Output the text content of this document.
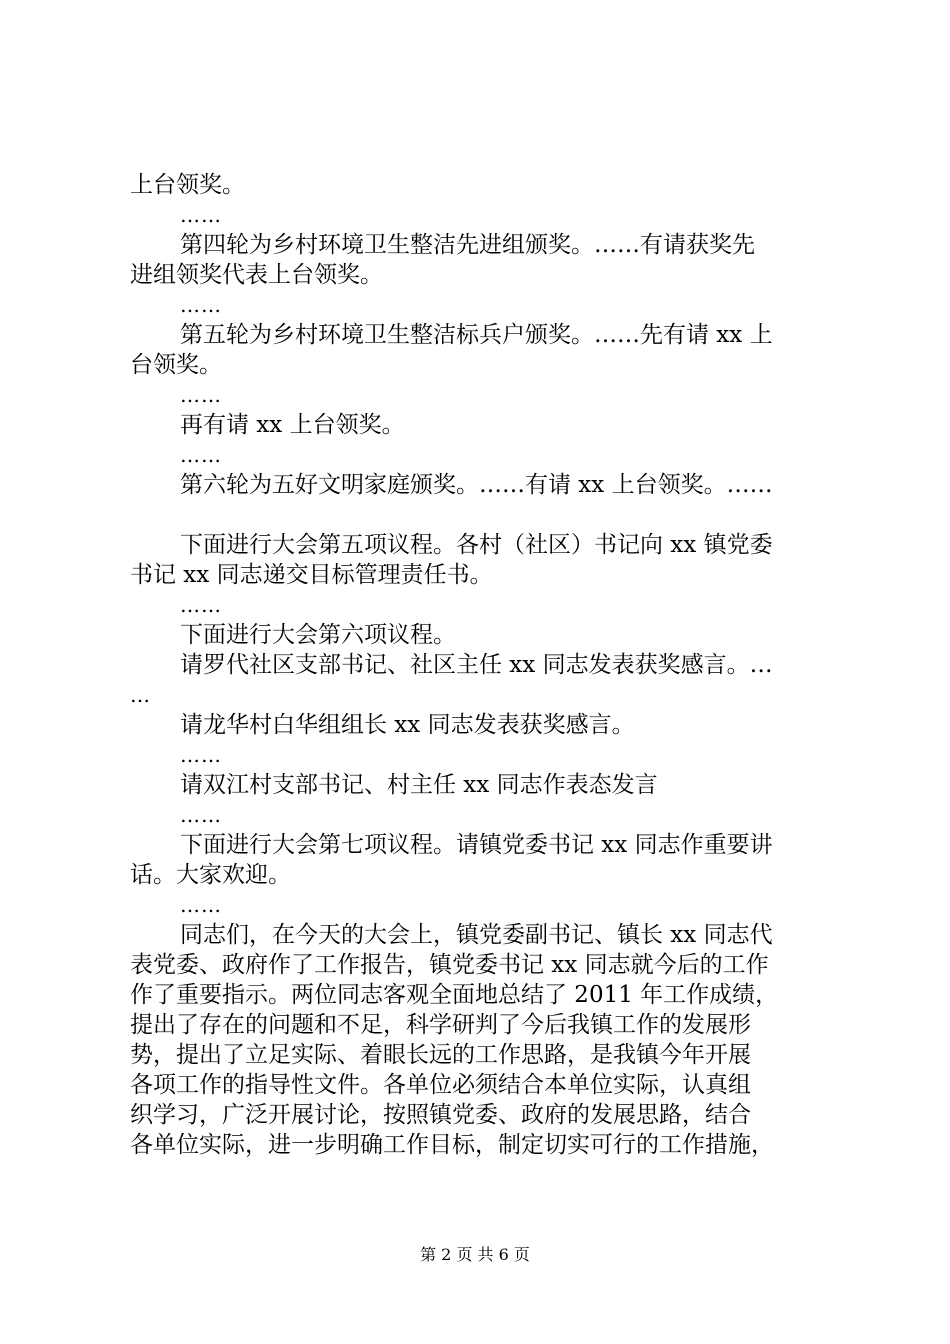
上台领奖。
……
第四轮为乡村环境卫生整洁先进组颁奖。……有请获奖先
进组领奖代表上台领奖。
……
第五轮为乡村环境卫生整洁标兵户颁奖。……先有请 xx 上
台领奖。
……
再有请 xx 上台领奖。
……
第六轮为五好文明家庭颁奖。……有请 xx 上台领奖。……
下面进行大会第五项议程。各村（社区）书记向 xx 镇党委
书记 xx 同志递交目标管理责任书。
……
下面进行大会第六项议程。
请罗代社区支部书记、社区主任 xx 同志发表获奖感言。…
…
请龙华村白华组组长 xx 同志发表获奖感言。
……
请双江村支部书记、村主任 xx 同志作表态发言
……
下面进行大会第七项议程。请镇党委书记 xx 同志作重要讲
话。大家欢迎。
……
同志们，在今天的大会上，镇党委副书记、镇长 xx 同志代
表党委、政府作了工作报告，镇党委书记 xx 同志就今后的工作
作了重要指示。两位同志客观全面地总结了 2011 年工作成绩，
提出了存在的问题和不足，科学研判了今后我镇工作的发展形
势，提出了立足实际、着眼长远的工作思路，是我镇今年开展
各项工作的指导性文件。各单位必须结合本单位实际，认真组
织学习，广泛开展讨论，按照镇党委、政府的发展思路，结合
各单位实际，进一步明确工作目标，制定切实可行的工作措施，
第 2 页 共 6 页
